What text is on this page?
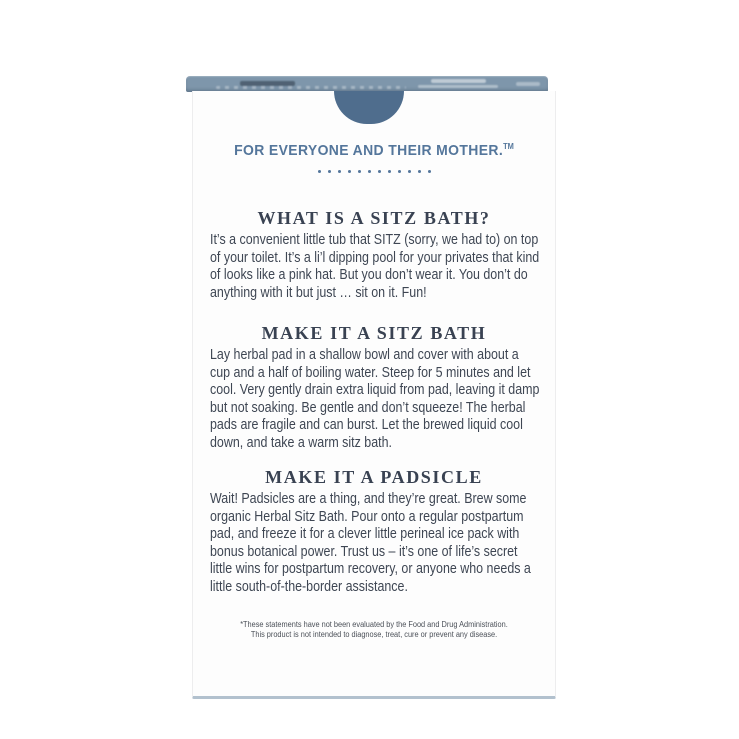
FOR EVERYONE AND THEIR MOTHER.™
WHAT IS A SITZ BATH?
It’s a convenient little tub that SITZ (sorry, we had to) on top of your toilet. It’s a li’l dipping pool for your privates that kind of looks like a pink hat. But you don’t wear it. You don’t do anything with it but just … sit on it. Fun!
MAKE IT A SITZ BATH
Lay herbal pad in a shallow bowl and cover with about a cup and a half of boiling water. Steep for 5 minutes and let cool. Very gently drain extra liquid from pad, leaving it damp but not soaking. Be gentle and don’t squeeze! The herbal pads are fragile and can burst. Let the brewed liquid cool down, and take a warm sitz bath.
MAKE IT A PADSICLE
Wait! Padsicles are a thing, and they’re great. Brew some organic Herbal Sitz Bath. Pour onto a regular postpartum pad, and freeze it for a clever little perineal ice pack with bonus botanical power. Trust us – it’s one of life’s secret little wins for postpartum recovery, or anyone who needs a little south-of-the-border assistance.
*These statements have not been evaluated by the Food and Drug Administration.
This product is not intended to diagnose, treat, cure or prevent any disease.
